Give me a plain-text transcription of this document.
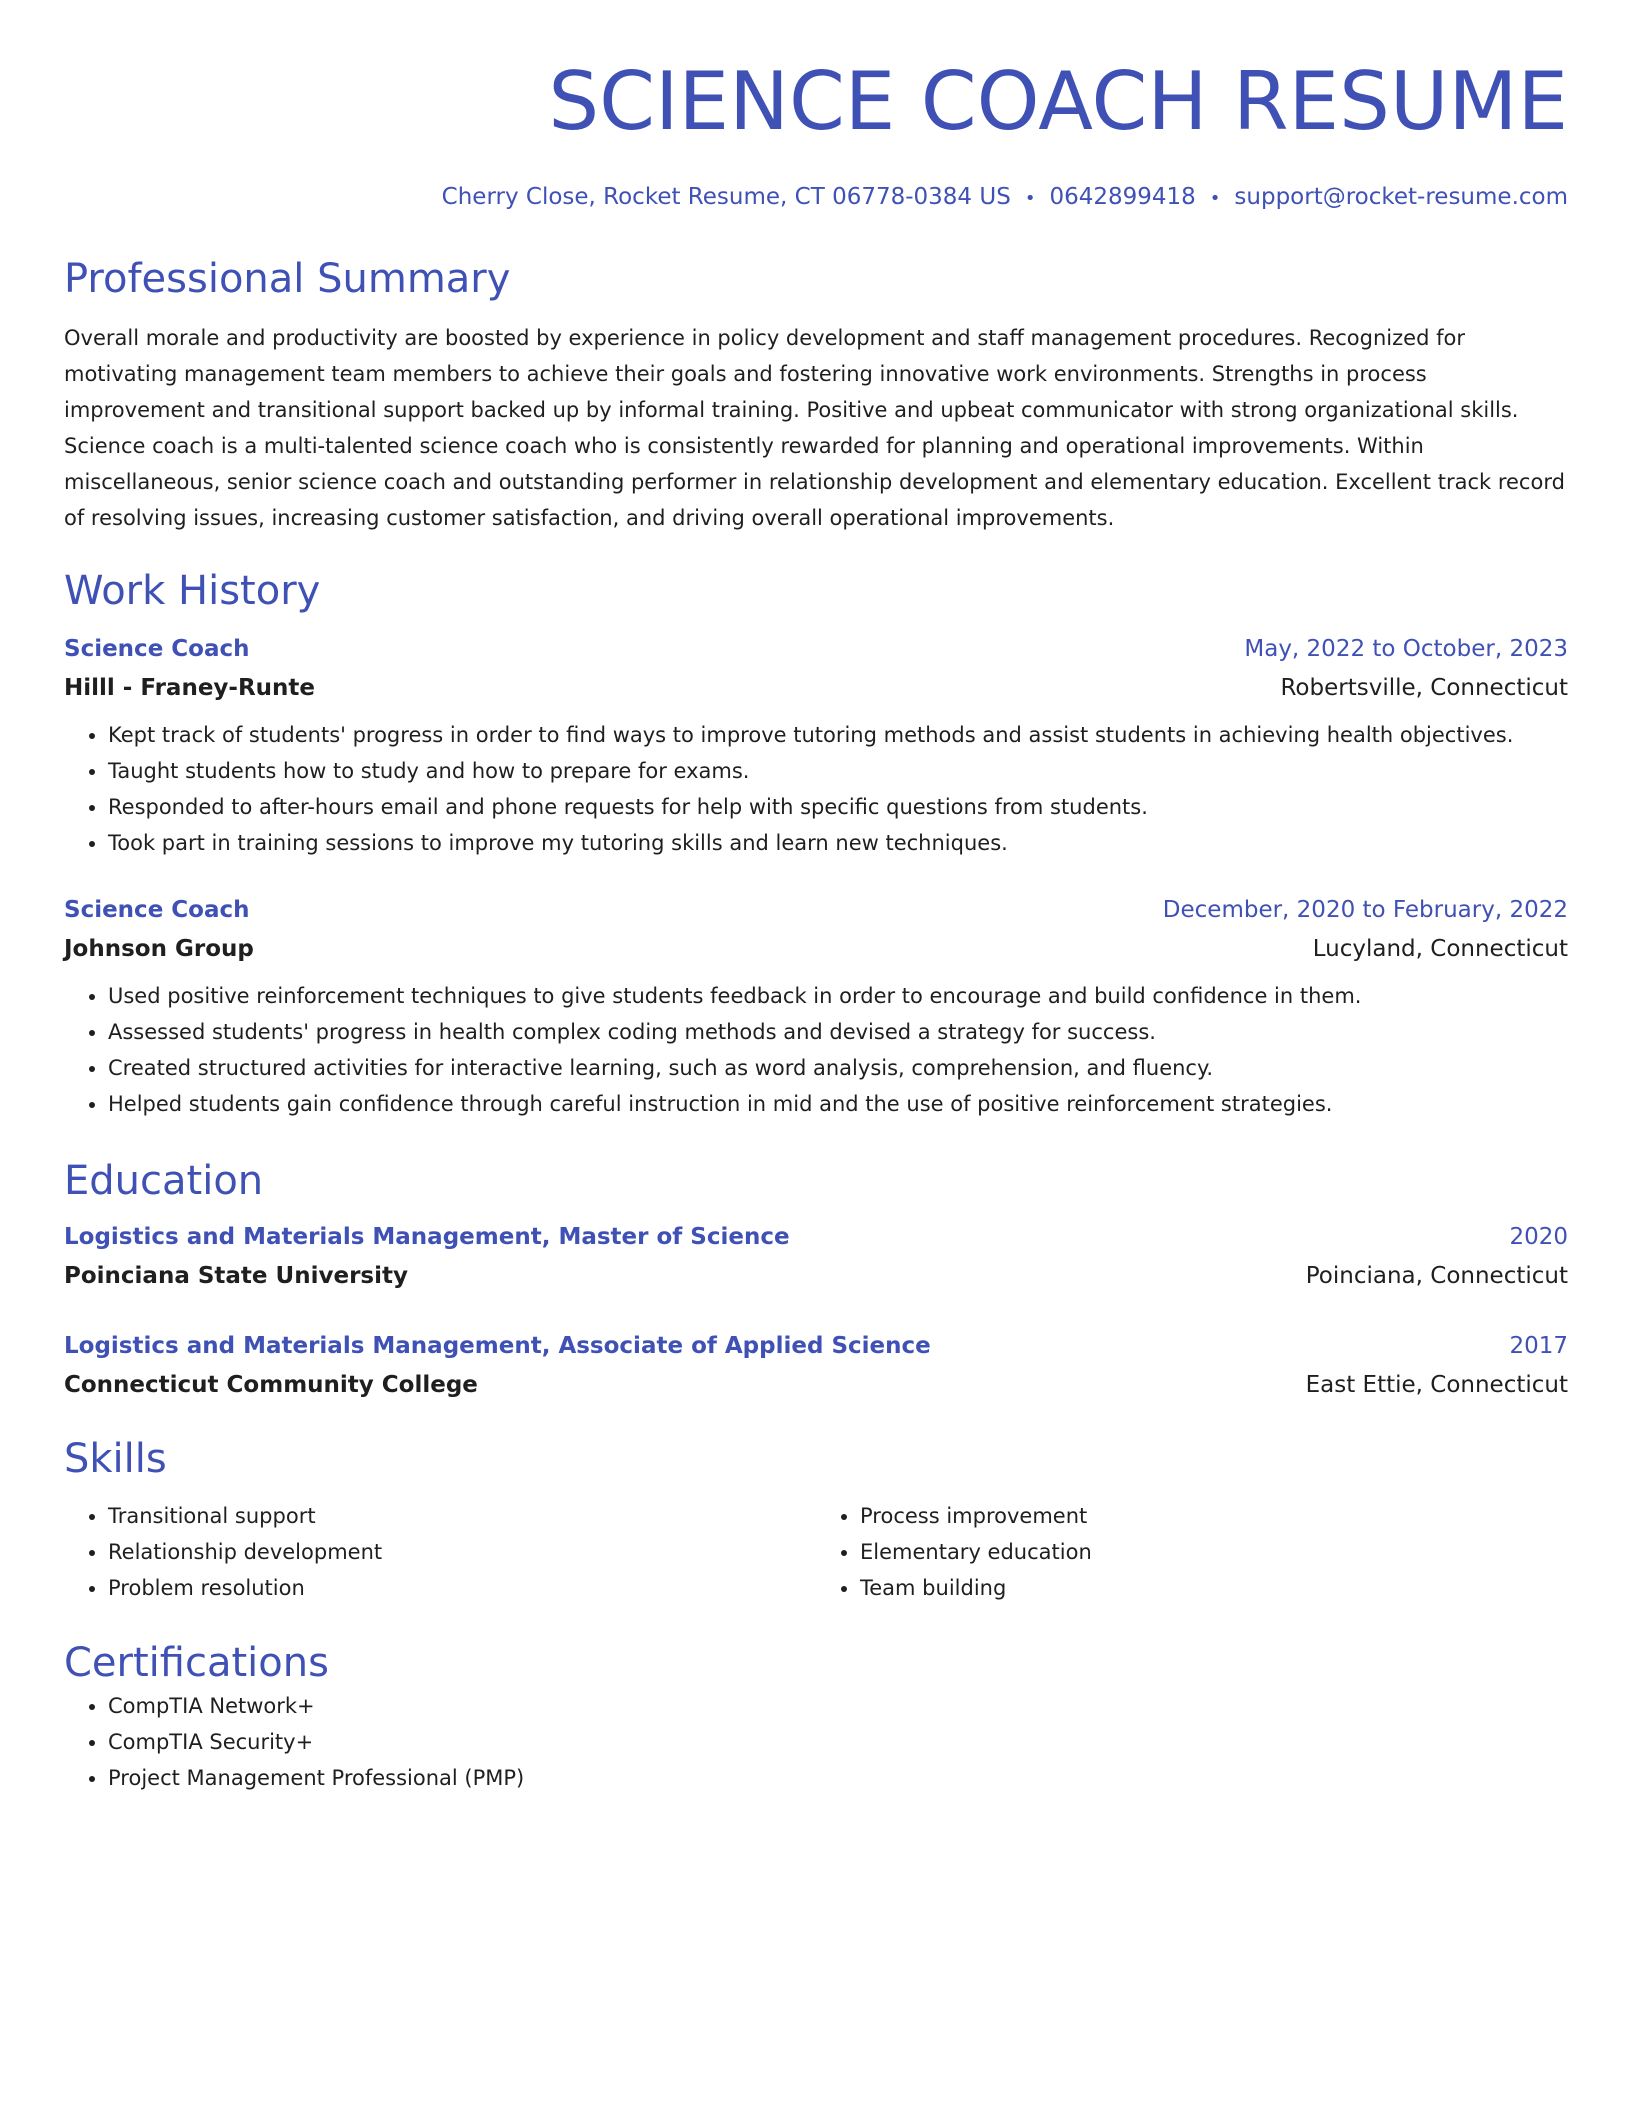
SCIENCE COACH RESUME
Cherry Close, Rocket Resume, CT 06778-0384 US • 0642899418 • support@rocket-resume.com
Professional Summary
Overall morale and productivity are boosted by experience in policy development and staff management procedures. Recognized for motivating management team members to achieve their goals and fostering innovative work environments. Strengths in process improvement and transitional support backed up by informal training. Positive and upbeat communicator with strong organizational skills. Science coach is a multi-talented science coach who is consistently rewarded for planning and operational improvements. Within miscellaneous, senior science coach and outstanding performer in relationship development and elementary education. Excellent track record of resolving issues, increasing customer satisfaction, and driving overall operational improvements.
Work History
Science Coach	May, 2022 to October, 2023
Hilll - Franey-Runte	Robertsville, Connecticut
• Kept track of students' progress in order to find ways to improve tutoring methods and assist students in achieving health objectives.
• Taught students how to study and how to prepare for exams.
• Responded to after-hours email and phone requests for help with specific questions from students.
• Took part in training sessions to improve my tutoring skills and learn new techniques.
Science Coach	December, 2020 to February, 2022
Johnson Group	Lucyland, Connecticut
• Used positive reinforcement techniques to give students feedback in order to encourage and build confidence in them.
• Assessed students' progress in health complex coding methods and devised a strategy for success.
• Created structured activities for interactive learning, such as word analysis, comprehension, and fluency.
• Helped students gain confidence through careful instruction in mid and the use of positive reinforcement strategies.
Education
Logistics and Materials Management, Master of Science	2020
Poinciana State University	Poinciana, Connecticut
Logistics and Materials Management, Associate of Applied Science	2017
Connecticut Community College	East Ettie, Connecticut
Skills
• Transitional support
• Relationship development
• Problem resolution
• Process improvement
• Elementary education
• Team building
Certifications
• CompTIA Network+
• CompTIA Security+
• Project Management Professional (PMP)
